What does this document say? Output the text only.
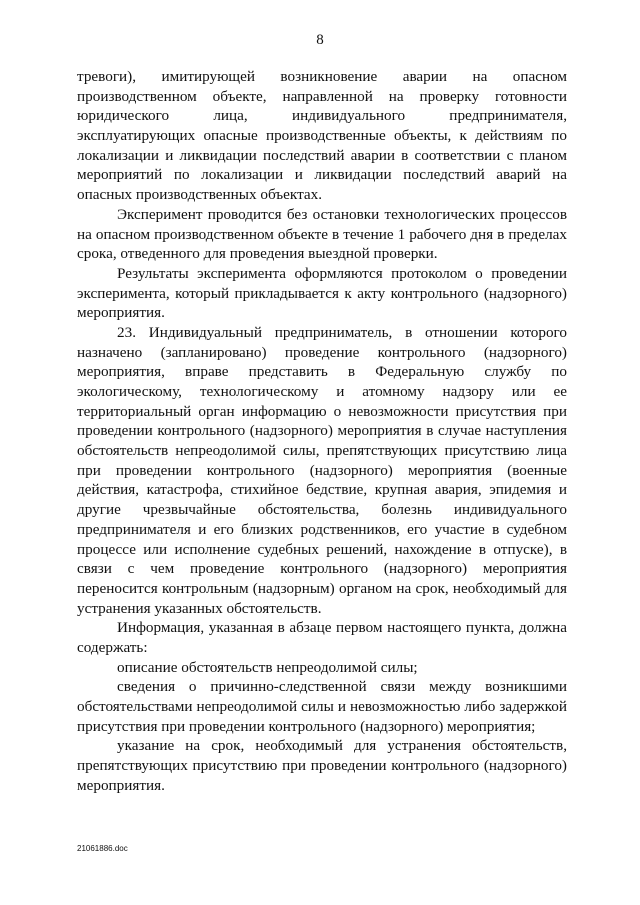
8
тревоги), имитирующей возникновение аварии на опасном
производственном объекте, направленной на проверку готовности
юридического лица, индивидуального предпринимателя,
эксплуатирующих опасные производственные объекты, к действиям по
локализации и ликвидации последствий аварии в соответствии с планом
мероприятий по локализации и ликвидации последствий аварий на
опасных производственных объектах.
Эксперимент проводится без остановки технологических процессов
на опасном производственном объекте в течение 1 рабочего дня в пределах
срока, отведенного для проведения выездной проверки.
Результаты эксперимента оформляются протоколом о проведении
эксперимента, который прикладывается к акту контрольного (надзорного)
мероприятия.
23. Индивидуальный предприниматель, в отношении которого
назначено (запланировано) проведение контрольного (надзорного)
мероприятия, вправе представить в Федеральную службу по
экологическому, технологическому и атомному надзору или ее
территориальный орган информацию о невозможности присутствия при
проведении контрольного (надзорного) мероприятия в случае наступления
обстоятельств непреодолимой силы, препятствующих присутствию лица
при проведении контрольного (надзорного) мероприятия (военные
действия, катастрофа, стихийное бедствие, крупная авария, эпидемия и
другие чрезвычайные обстоятельства, болезнь индивидуального
предпринимателя и его близких родственников, его участие в судебном
процессе или исполнение судебных решений, нахождение в отпуске), в
связи с чем проведение контрольного (надзорного) мероприятия
переносится контрольным (надзорным) органом на срок, необходимый для
устранения указанных обстоятельств.
Информация, указанная в абзаце первом настоящего пункта, должна
содержать:
описание обстоятельств непреодолимой силы;
сведения о причинно-следственной связи между возникшими
обстоятельствами непреодолимой силы и невозможностью либо задержкой
присутствия при проведении контрольного (надзорного) мероприятия;
указание на срок, необходимый для устранения обстоятельств,
препятствующих присутствию при проведении контрольного (надзорного)
мероприятия.
21061886.doc
